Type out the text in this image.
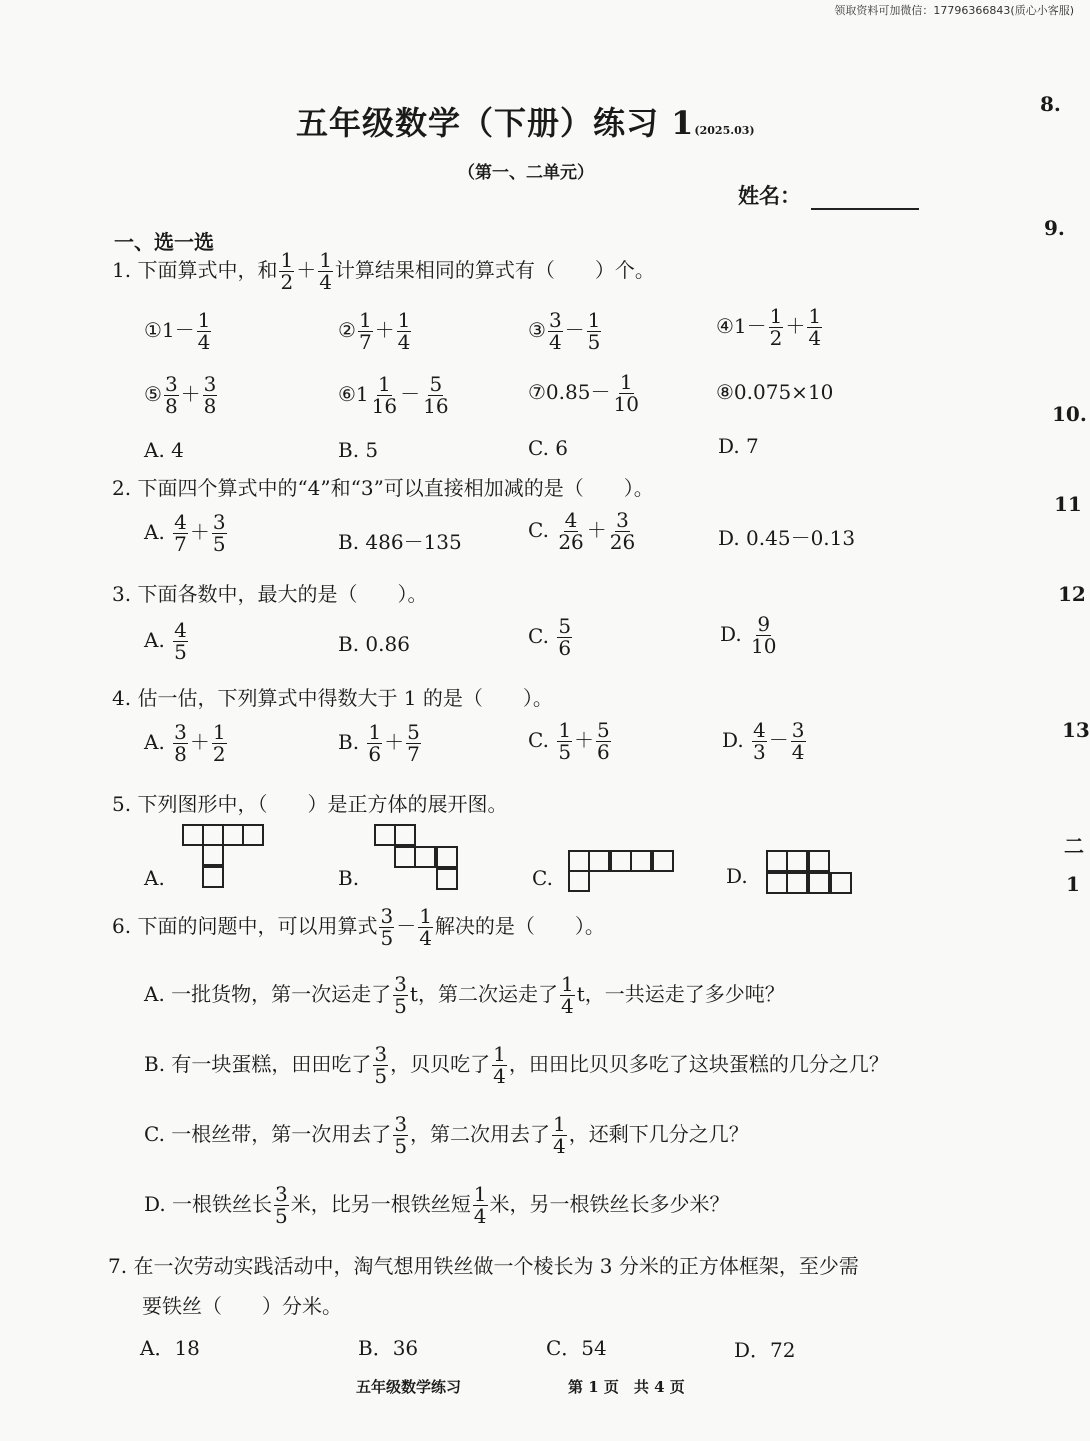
领取资料可加微信：17796366843(质心小客服)
五年级数学（下册）练习 1(2025.03)
（第一、二单元）
姓名：
一、选一选
1. 下面算式中，和 $\frac{1}{2} + \frac{1}{4}$ 计算结果相同的算式有（　　）个。
①1－ $\frac{1}{4}$	② $\frac{1}{7} + \frac{1}{4}$	③ $\frac{3}{4} - \frac{1}{5}$	④1－ $\frac{1}{2} + \frac{1}{4}$
⑤ $\frac{3}{8} + \frac{3}{8}$	⑥1 $\frac{1}{16} - \frac{5}{16}$	⑦0.85－ $\frac{1}{10}$	⑧0.075×10
A. 4	B. 5	C. 6	D. 7
2. 下面四个算式中的“4”和“3”可以直接相加减的是（　　）。
A. $\frac{4}{7} + \frac{3}{5}$	B. 486－135	C. $\frac{4}{26} + \frac{3}{26}$	D. 0.45－0.13
3. 下面各数中，最大的是（　　）。
A. $\frac{4}{5}$	B. 0.86	C. $\frac{5}{6}$	D. $\frac{9}{10}$
4. 估一估，下列算式中得数大于 1 的是（　　）。
A. $\frac{3}{8} + \frac{1}{2}$	B. $\frac{1}{6} + \frac{5}{7}$	C. $\frac{1}{5} + \frac{5}{6}$	D. $\frac{4}{3} - \frac{3}{4}$
5. 下列图形中，（　　）是正方体的展开图。
A.	B.	C.	D.
6. 下面的问题中，可以用算式 $\frac{3}{5} - \frac{1}{4}$ 解决的是（　　）。
A. 一批货物，第一次运走了 $\frac{3}{5}$ t，第二次运走了 $\frac{1}{4}$ t，一共运走了多少吨？
B. 有一块蛋糕，田田吃了 $\frac{3}{5}$ ，贝贝吃了 $\frac{1}{4}$ ，田田比贝贝多吃了这块蛋糕的几分之几？
C. 一根丝带，第一次用去了 $\frac{3}{5}$ ，第二次用去了 $\frac{1}{4}$ ，还剩下几分之几？
D. 一根铁丝长 $\frac{3}{5}$ 米，比另一根铁丝短 $\frac{1}{4}$ 米，另一根铁丝长多少米？
7. 在一次劳动实践活动中，淘气想用铁丝做一个棱长为 3 分米的正方体框架，至少需
要铁丝（　　）分米。
A．18	B．36	C．54	D．72
五年级数学练习	第 1 页　共 4 页
8.
9.
10.
11
12
13
二
1
